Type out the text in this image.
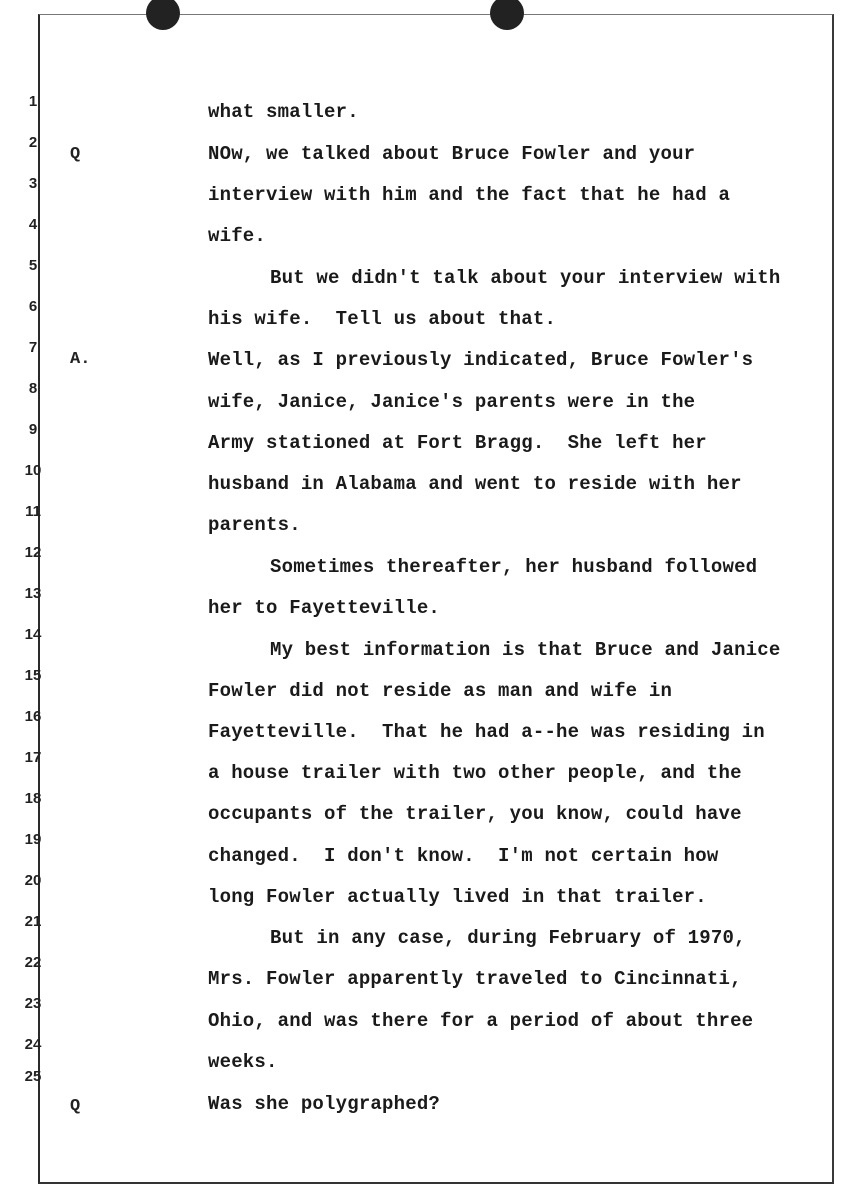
1
2
3
4
5
6
7
8
9
10
11
12
13
14
15
16
17
18
19
20
21
22
23
24
25
Q
A.
Q
what smaller.
NOw, we talked about Bruce Fowler and your
interview with him and the fact that he had a
wife.
But we didn't talk about your interview with
his wife.  Tell us about that.
Well, as I previously indicated, Bruce Fowler's
wife, Janice, Janice's parents were in the
Army stationed at Fort Bragg.  She left her
husband in Alabama and went to reside with her
parents.
Sometimes thereafter, her husband followed
her to Fayetteville.
My best information is that Bruce and Janice
Fowler did not reside as man and wife in
Fayetteville.  That he had a--he was residing in
a house trailer with two other people, and the
occupants of the trailer, you know, could have
changed.  I don't know.  I'm not certain how
long Fowler actually lived in that trailer.
But in any case, during February of 1970,
Mrs. Fowler apparently traveled to Cincinnati,
Ohio, and was there for a period of about three
weeks.
Was she polygraphed?
